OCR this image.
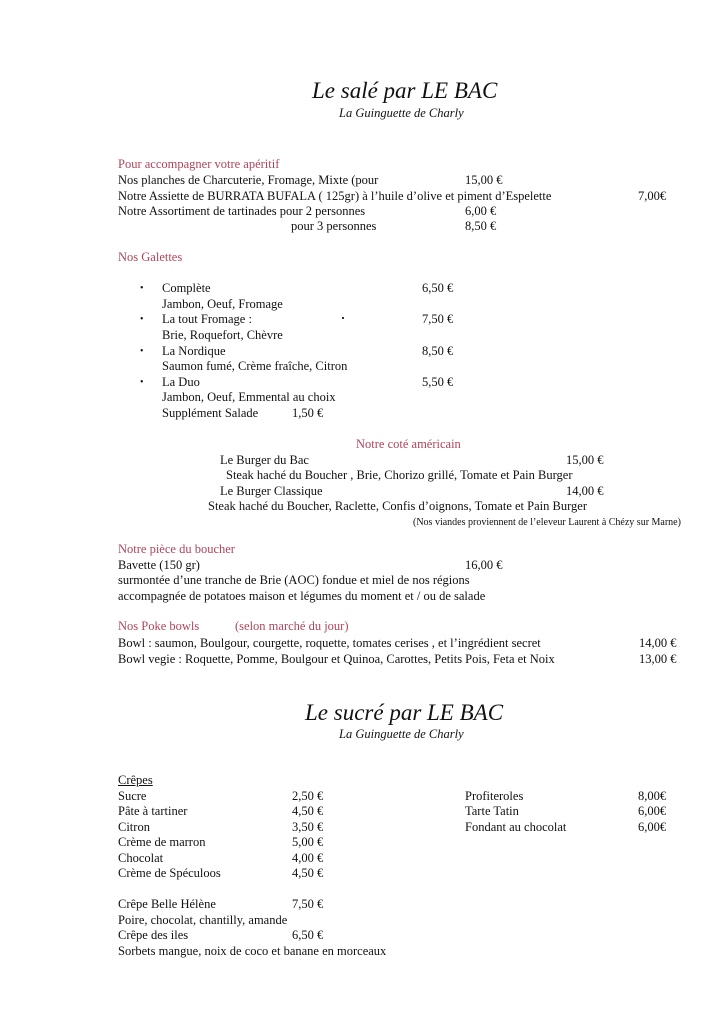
Le salé par LE BAC
La Guinguette de Charly
Pour accompagner votre apéritif
Nos planches de Charcuterie, Fromage, Mixte (pour	15,00 €
Notre Assiette de BURRATA BUFALA ( 125gr) à l’huile d’olive et piment d’Espelette	7,00€
Notre Assortiment de tartinades pour 2 personnes	6,00 €
pour 3 personnes	8,50 €
Nos Galettes
• Complète	6,50 €
Jambon, Oeuf, Fromage
• La tout Fromage :	7,50 €
Brie, Roquefort, Chèvre
• La Nordique	8,50 €
Saumon fumé, Crème fraîche, Citron
• La Duo	5,50 €
Jambon, Oeuf, Emmental au choix
Supplément Salade	1,50 €
Notre coté américain
Le Burger du Bac	15,00 €
Steak haché du Boucher , Brie, Chorizo grillé, Tomate et Pain Burger
Le Burger Classique	14,00 €
Steak haché du Boucher, Raclette, Confis d’oignons, Tomate et Pain Burger
(Nos viandes proviennent de l’eleveur Laurent à Chézy sur Marne)
Notre pièce du boucher
Bavette (150 gr)	16,00 €
surmontée d’une tranche de Brie (AOC) fondue et miel de nos régions
accompagnée de potatoes maison et légumes du moment et / ou de salade
Nos Poke bowls	(selon marché du jour)
Bowl : saumon, Boulgour, courgette, roquette, tomates cerises , et l’ingrédient secret	14,00 €
Bowl vegie : Roquette, Pomme, Boulgour et Quinoa, Carottes, Petits Pois, Feta et Noix	13,00 €
Le sucré par LE BAC
La Guinguette de Charly
Crêpes
Sucre	2,50 €
Pâte à tartiner	4,50 €
Citron	3,50 €
Crème de marron	5,00 €
Chocolat	4,00 €
Crème de Spéculoos	4,50 €
Crêpe Belle Hélène	7,50 €
Poire, chocolat, chantilly, amande
Crêpe des iles	6,50 €
Sorbets mangue, noix de coco et banane en morceaux
Profiteroles	8,00€
Tarte Tatin	6,00€
Fondant au chocolat	6,00€
